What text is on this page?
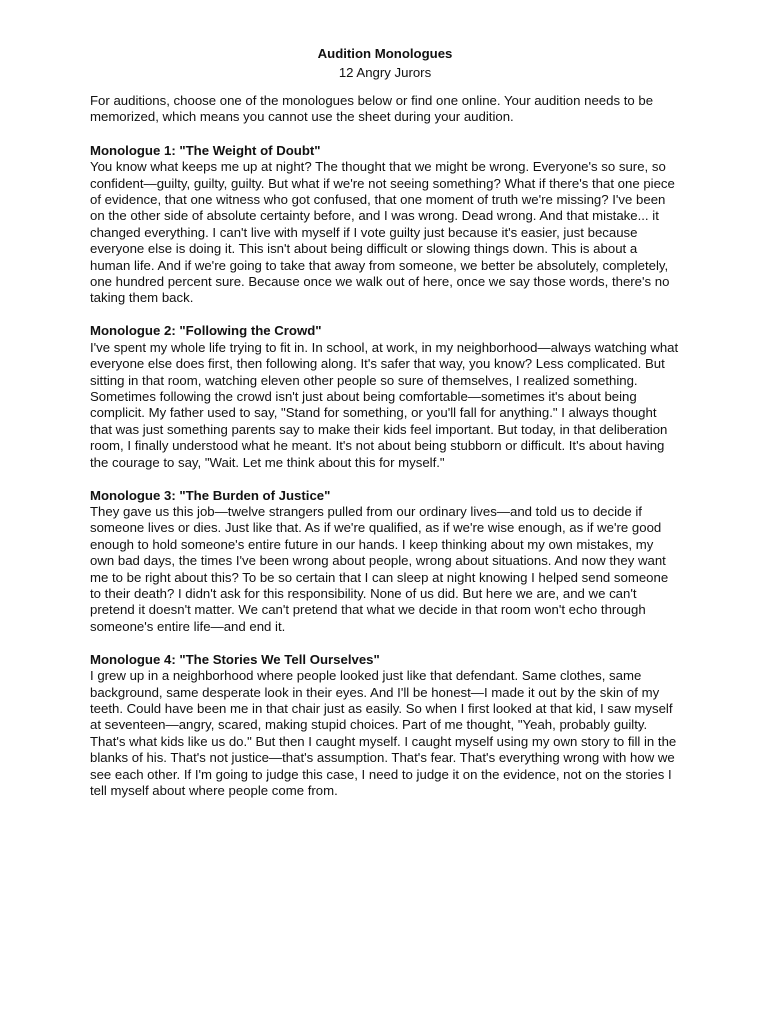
Audition Monologues

12 Angry Jurors

For auditions, choose one of the monologues below or find one online. Your audition needs to be memorized, which means you cannot use the sheet during your audition.

Monologue 1: "The Weight of Doubt"

You know what keeps me up at night? The thought that we might be wrong. Everyone's so sure, so confident—guilty, guilty, guilty. But what if we're not seeing something? What if there's that one piece of evidence, that one witness who got confused, that one moment of truth we're missing? I've been on the other side of absolute certainty before, and I was wrong. Dead wrong. And that mistake... it changed everything. I can't live with myself if I vote guilty just because it's easier, just because everyone else is doing it. This isn't about being difficult or slowing things down. This is about a human life. And if we're going to take that away from someone, we better be absolutely, completely, one hundred percent sure. Because once we walk out of here, once we say those words, there's no taking them back.

Monologue 2: "Following the Crowd"

I've spent my whole life trying to fit in. In school, at work, in my neighborhood—always watching what everyone else does first, then following along. It's safer that way, you know? Less complicated. But sitting in that room, watching eleven other people so sure of themselves, I realized something. Sometimes following the crowd isn't just about being comfortable—sometimes it's about being complicit. My father used to say, "Stand for something, or you'll fall for anything." I always thought that was just something parents say to make their kids feel important. But today, in that deliberation room, I finally understood what he meant. It's not about being stubborn or difficult. It's about having the courage to say, "Wait. Let me think about this for myself."

Monologue 3: "The Burden of Justice"

They gave us this job—twelve strangers pulled from our ordinary lives—and told us to decide if someone lives or dies. Just like that. As if we're qualified, as if we're wise enough, as if we're good enough to hold someone's entire future in our hands. I keep thinking about my own mistakes, my own bad days, the times I've been wrong about people, wrong about situations. And now they want me to be right about this? To be so certain that I can sleep at night knowing I helped send someone to their death? I didn't ask for this responsibility. None of us did. But here we are, and we can't pretend it doesn't matter. We can't pretend that what we decide in that room won't echo through someone's entire life—and end it.

Monologue 4: "The Stories We Tell Ourselves"

I grew up in a neighborhood where people looked just like that defendant. Same clothes, same background, same desperate look in their eyes. And I'll be honest—I made it out by the skin of my teeth. Could have been me in that chair just as easily. So when I first looked at that kid, I saw myself at seventeen—angry, scared, making stupid choices. Part of me thought, "Yeah, probably guilty. That's what kids like us do." But then I caught myself. I caught myself using my own story to fill in the blanks of his. That's not justice—that's assumption. That's fear. That's everything wrong with how we see each other. If I'm going to judge this case, I need to judge it on the evidence, not on the stories I tell myself about where people come from.
